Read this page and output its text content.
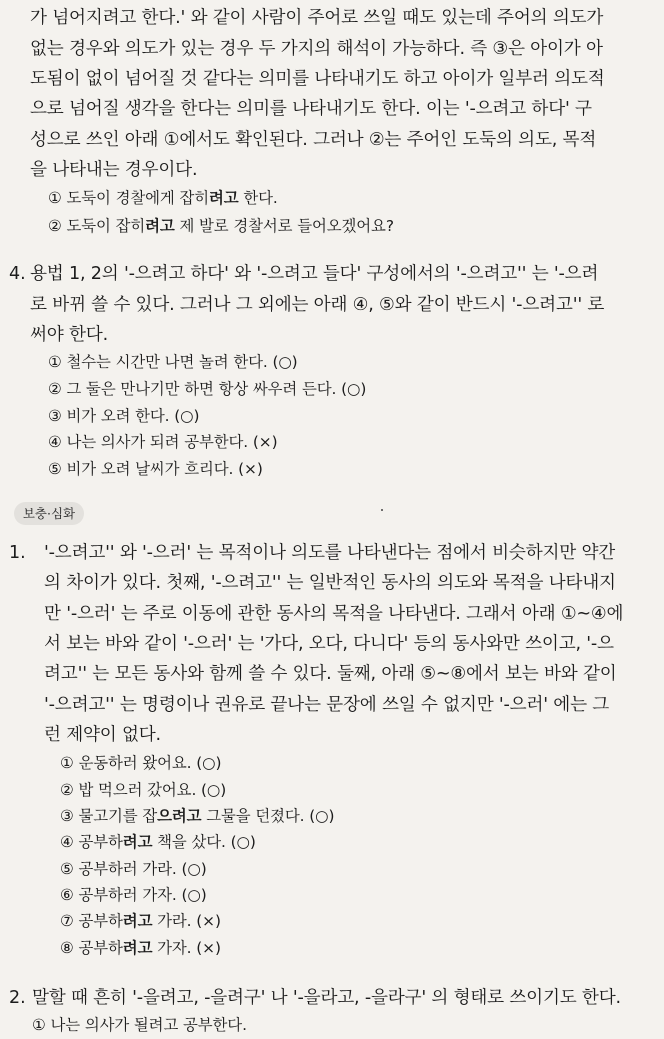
가 넘어지려고 한다.' 와 같이 사람이 주어로 쓰일 때도 있는데 주어의 의도가
없는 경우와 의도가 있는 경우 두 가지의 해석이 가능하다. 즉 ③은 아이가 아
도됨이 없이 넘어질 것 같다는 의미를 나타내기도 하고 아이가 일부러 의도적
으로 넘어질 생각을 한다는 의미를 나타내기도 한다. 이는 '-으려고 하다' 구
성으로 쓰인 아래 ①에서도 확인된다. 그러나 ②는 주어인 도둑의 의도, 목적
을 나타내는 경우이다.
① 도둑이 경찰에게 잡히려고 한다.
② 도둑이 잡히려고 제 발로 경찰서로 들어오겠어요?
4. 용법 1, 2의 '-으려고 하다' 와 '-으려고 들다' 구성에서의 '-으려고'' 는 '-으려
로 바뀌 쓸 수 있다. 그러나 그 외에는 아래 ④, ⑤와 같이 반드시 '-으려고'' 로
써야 한다.
① 철수는 시간만 나면 놀려 한다. (○)
② 그 둘은 만나기만 하면 항상 싸우려 든다. (○)
③ 비가 오려 한다. (○)
④ 나는 의사가 되려 공부한다. (×)
⑤ 비가 오려 날씨가 흐리다. (×)
보충·심화
1. '-으려고'' 와 '-으러' 는 목적이나 의도를 나타낸다는 점에서 비슷하지만 약간
의 차이가 있다. 첫째, '-으려고'' 는 일반적인 동사의 의도와 목적을 나타내지
만 '-으러' 는 주로 이동에 관한 동사의 목적을 나타낸다. 그래서 아래 ①~④에
서 보는 바와 같이 '-으러' 는 '가다, 오다, 다니다' 등의 동사와만 쓰이고, '-으
려고'' 는 모든 동사와 함께 쓸 수 있다. 둘째, 아래 ⑤~⑧에서 보는 바와 같이
'-으려고'' 는 명령이나 권유로 끝나는 문장에 쓰일 수 없지만 '-으러' 에는 그
런 제약이 없다.
① 운동하러 왔어요. (○)
② 밥 먹으러 갔어요. (○)
③ 물고기를 잡으려고 그물을 던졌다. (○)
④ 공부하려고 책을 샀다. (○)
⑤ 공부하러 가라. (○)
⑥ 공부하러 가자. (○)
⑦ 공부하려고 가라. (×)
⑧ 공부하려고 가자. (×)
2. 말할 때 흔히 '-을려고, -을려구' 나 '-을라고, -을라구' 의 형태로 쓰이기도 한다.
① 나는 의사가 될려고 공부한다.
